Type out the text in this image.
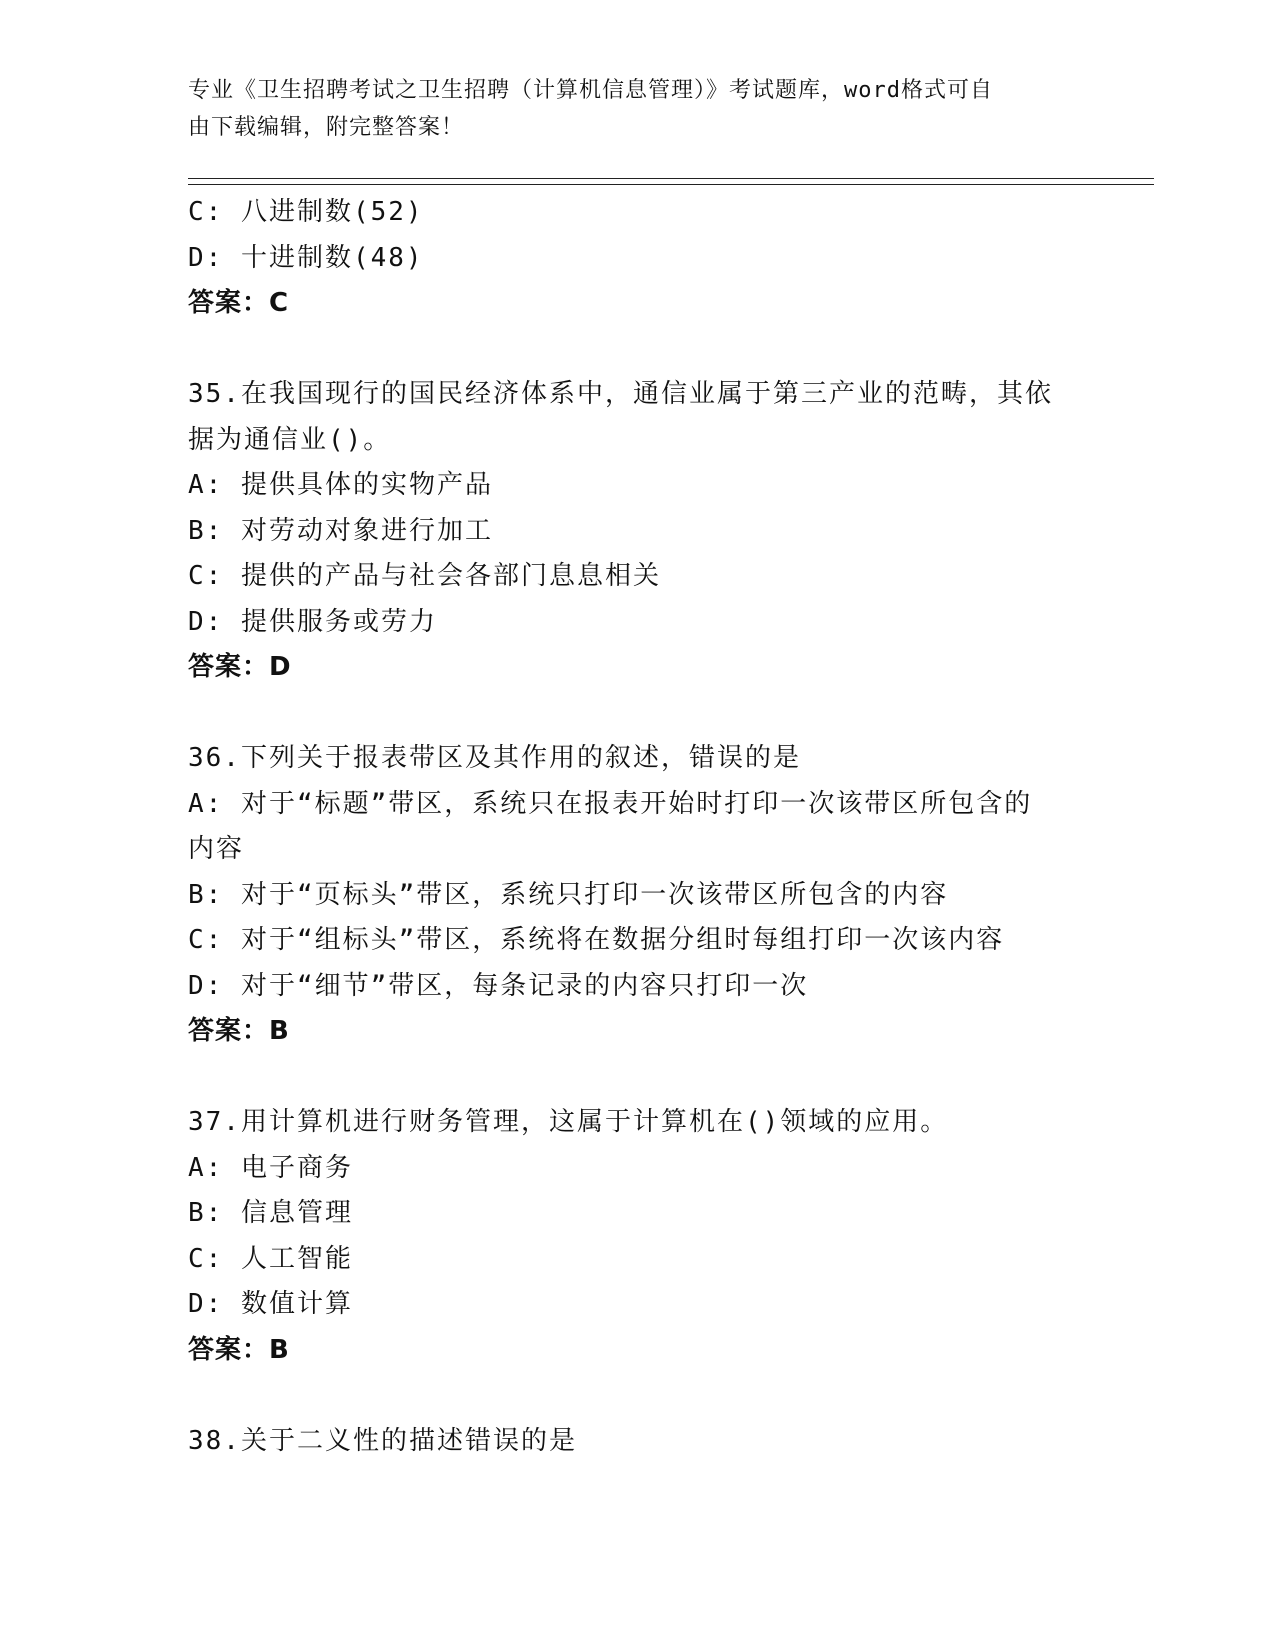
专业《卫生招聘考试之卫生招聘（计算机信息管理）》考试题库，word格式可自
由下载编辑，附完整答案！
C: 八进制数(52)
D: 十进制数(48)
答案：C
35.在我国现行的国民经济体系中，通信业属于第三产业的范畴，其依
据为通信业()。
A: 提供具体的实物产品
B: 对劳动对象进行加工
C: 提供的产品与社会各部门息息相关
D: 提供服务或劳力
答案：D
36.下列关于报表带区及其作用的叙述，错误的是
A: 对于“标题”带区，系统只在报表开始时打印一次该带区所包含的
内容
B: 对于“页标头”带区，系统只打印一次该带区所包含的内容
C: 对于“组标头”带区，系统将在数据分组时每组打印一次该内容
D: 对于“细节”带区，每条记录的内容只打印一次
答案：B
37.用计算机进行财务管理，这属于计算机在()领域的应用。
A: 电子商务
B: 信息管理
C: 人工智能
D: 数值计算
答案：B
38.关于二义性的描述错误的是
